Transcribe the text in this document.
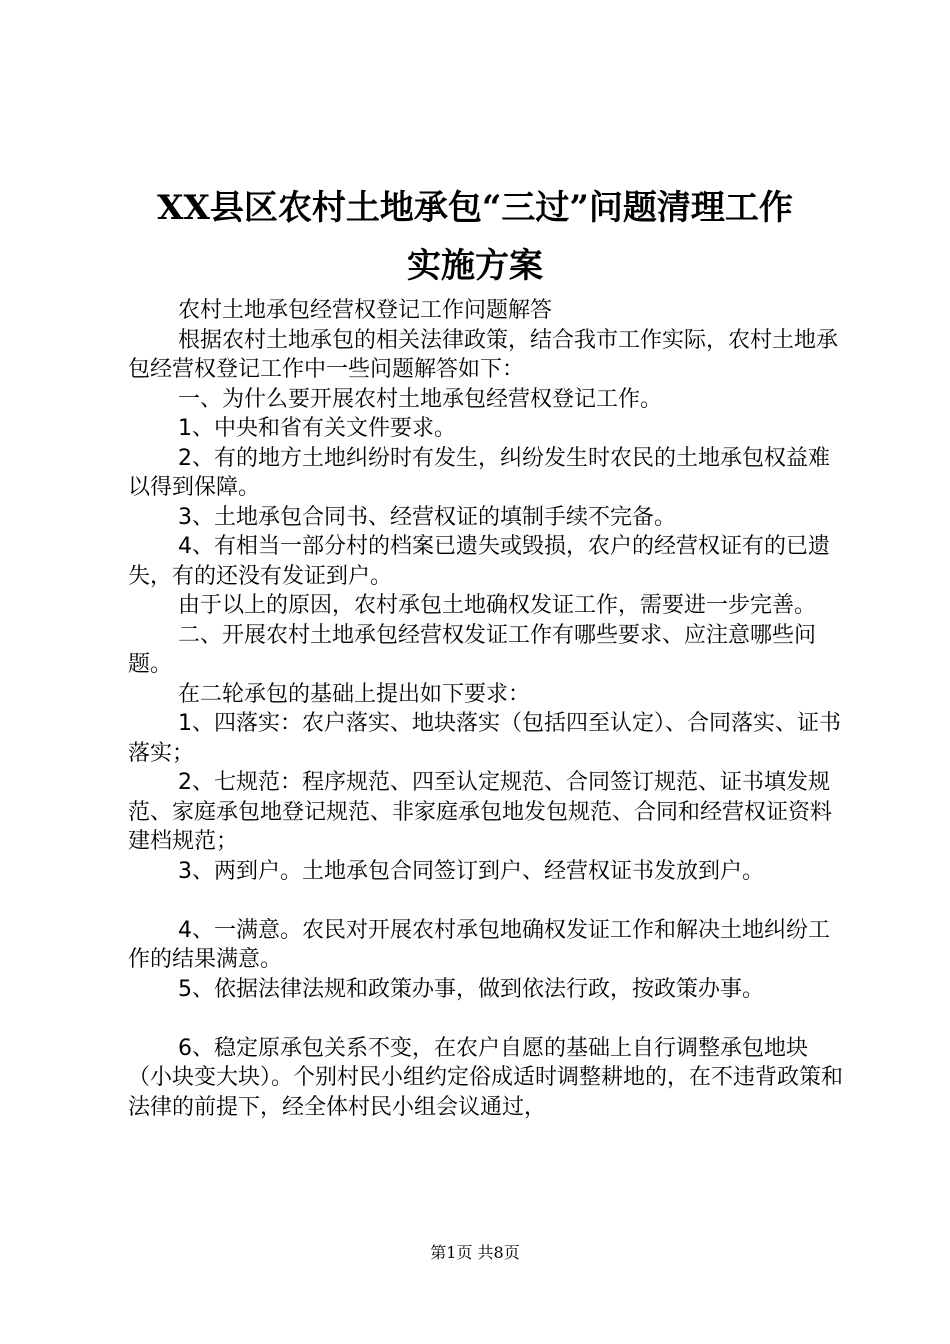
XX县区农村土地承包“三过”问题清理工作
实施方案

农村土地承包经营权登记工作问题解答

根据农村土地承包的相关法律政策，结合我市工作实际，农村土地承包经营权登记工作中一些问题解答如下：

一、为什么要开展农村土地承包经营权登记工作。

1、中央和省有关文件要求。

2、有的地方土地纠纷时有发生，纠纷发生时农民的土地承包权益难以得到保障。

3、土地承包合同书、经营权证的填制手续不完备。

4、有相当一部分村的档案已遗失或毁损，农户的经营权证有的已遗失，有的还没有发证到户。

由于以上的原因，农村承包土地确权发证工作，需要进一步完善。

二、开展农村土地承包经营权发证工作有哪些要求、应注意哪些问题。

在二轮承包的基础上提出如下要求：

1、四落实：农户落实、地块落实（包括四至认定）、合同落实、证书落实；

2、七规范：程序规范、四至认定规范、合同签订规范、证书填发规范、家庭承包地登记规范、非家庭承包地发包规范、合同和经营权证资料建档规范；

3、两到户。土地承包合同签订到户、经营权证书发放到户。

4、一满意。农民对开展农村承包地确权发证工作和解决土地纠纷工作的结果满意。

5、依据法律法规和政策办事，做到依法行政，按政策办事。

6、稳定原承包关系不变，在农户自愿的基础上自行调整承包地块（小块变大块）。个别村民小组约定俗成适时调整耕地的，在不违背政策和法律的前提下，经全体村民小组会议通过，

第1页 共8页
